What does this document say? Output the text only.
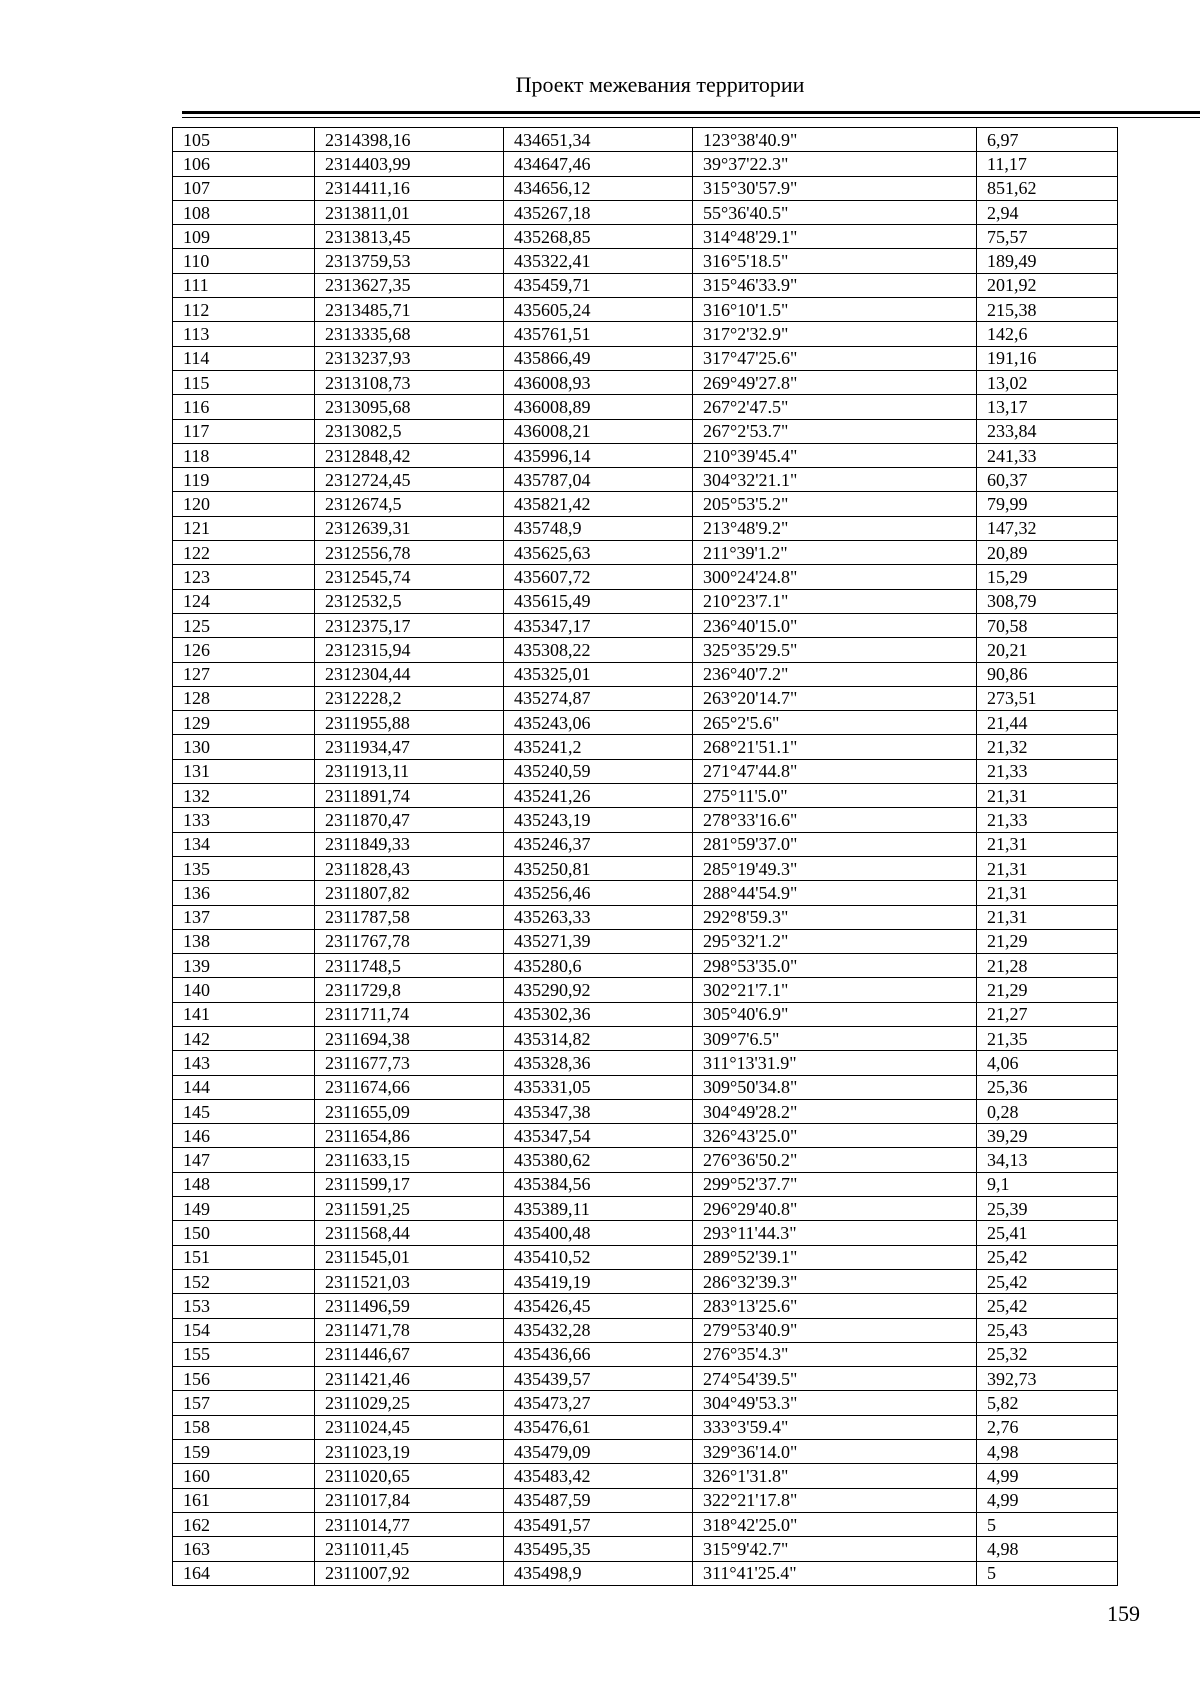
Проект межевания территории
105	2314398,16	434651,34	123°38'40.9"	6,97
106	2314403,99	434647,46	39°37'22.3"	11,17
107	2314411,16	434656,12	315°30'57.9"	851,62
108	2313811,01	435267,18	55°36'40.5"	2,94
109	2313813,45	435268,85	314°48'29.1"	75,57
110	2313759,53	435322,41	316°5'18.5"	189,49
111	2313627,35	435459,71	315°46'33.9"	201,92
112	2313485,71	435605,24	316°10'1.5"	215,38
113	2313335,68	435761,51	317°2'32.9"	142,6
114	2313237,93	435866,49	317°47'25.6"	191,16
115	2313108,73	436008,93	269°49'27.8"	13,02
116	2313095,68	436008,89	267°2'47.5"	13,17
117	2313082,5	436008,21	267°2'53.7"	233,84
118	2312848,42	435996,14	210°39'45.4"	241,33
119	2312724,45	435787,04	304°32'21.1"	60,37
120	2312674,5	435821,42	205°53'5.2"	79,99
121	2312639,31	435748,9	213°48'9.2"	147,32
122	2312556,78	435625,63	211°39'1.2"	20,89
123	2312545,74	435607,72	300°24'24.8"	15,29
124	2312532,5	435615,49	210°23'7.1"	308,79
125	2312375,17	435347,17	236°40'15.0"	70,58
126	2312315,94	435308,22	325°35'29.5"	20,21
127	2312304,44	435325,01	236°40'7.2"	90,86
128	2312228,2	435274,87	263°20'14.7"	273,51
129	2311955,88	435243,06	265°2'5.6"	21,44
130	2311934,47	435241,2	268°21'51.1"	21,32
131	2311913,11	435240,59	271°47'44.8"	21,33
132	2311891,74	435241,26	275°11'5.0"	21,31
133	2311870,47	435243,19	278°33'16.6"	21,33
134	2311849,33	435246,37	281°59'37.0"	21,31
135	2311828,43	435250,81	285°19'49.3"	21,31
136	2311807,82	435256,46	288°44'54.9"	21,31
137	2311787,58	435263,33	292°8'59.3"	21,31
138	2311767,78	435271,39	295°32'1.2"	21,29
139	2311748,5	435280,6	298°53'35.0"	21,28
140	2311729,8	435290,92	302°21'7.1"	21,29
141	2311711,74	435302,36	305°40'6.9"	21,27
142	2311694,38	435314,82	309°7'6.5"	21,35
143	2311677,73	435328,36	311°13'31.9"	4,06
144	2311674,66	435331,05	309°50'34.8"	25,36
145	2311655,09	435347,38	304°49'28.2"	0,28
146	2311654,86	435347,54	326°43'25.0"	39,29
147	2311633,15	435380,62	276°36'50.2"	34,13
148	2311599,17	435384,56	299°52'37.7"	9,1
149	2311591,25	435389,11	296°29'40.8"	25,39
150	2311568,44	435400,48	293°11'44.3"	25,41
151	2311545,01	435410,52	289°52'39.1"	25,42
152	2311521,03	435419,19	286°32'39.3"	25,42
153	2311496,59	435426,45	283°13'25.6"	25,42
154	2311471,78	435432,28	279°53'40.9"	25,43
155	2311446,67	435436,66	276°35'4.3"	25,32
156	2311421,46	435439,57	274°54'39.5"	392,73
157	2311029,25	435473,27	304°49'53.3"	5,82
158	2311024,45	435476,61	333°3'59.4"	2,76
159	2311023,19	435479,09	329°36'14.0"	4,98
160	2311020,65	435483,42	326°1'31.8"	4,99
161	2311017,84	435487,59	322°21'17.8"	4,99
162	2311014,77	435491,57	318°42'25.0"	5
163	2311011,45	435495,35	315°9'42.7"	4,98
164	2311007,92	435498,9	311°41'25.4"	5
159
